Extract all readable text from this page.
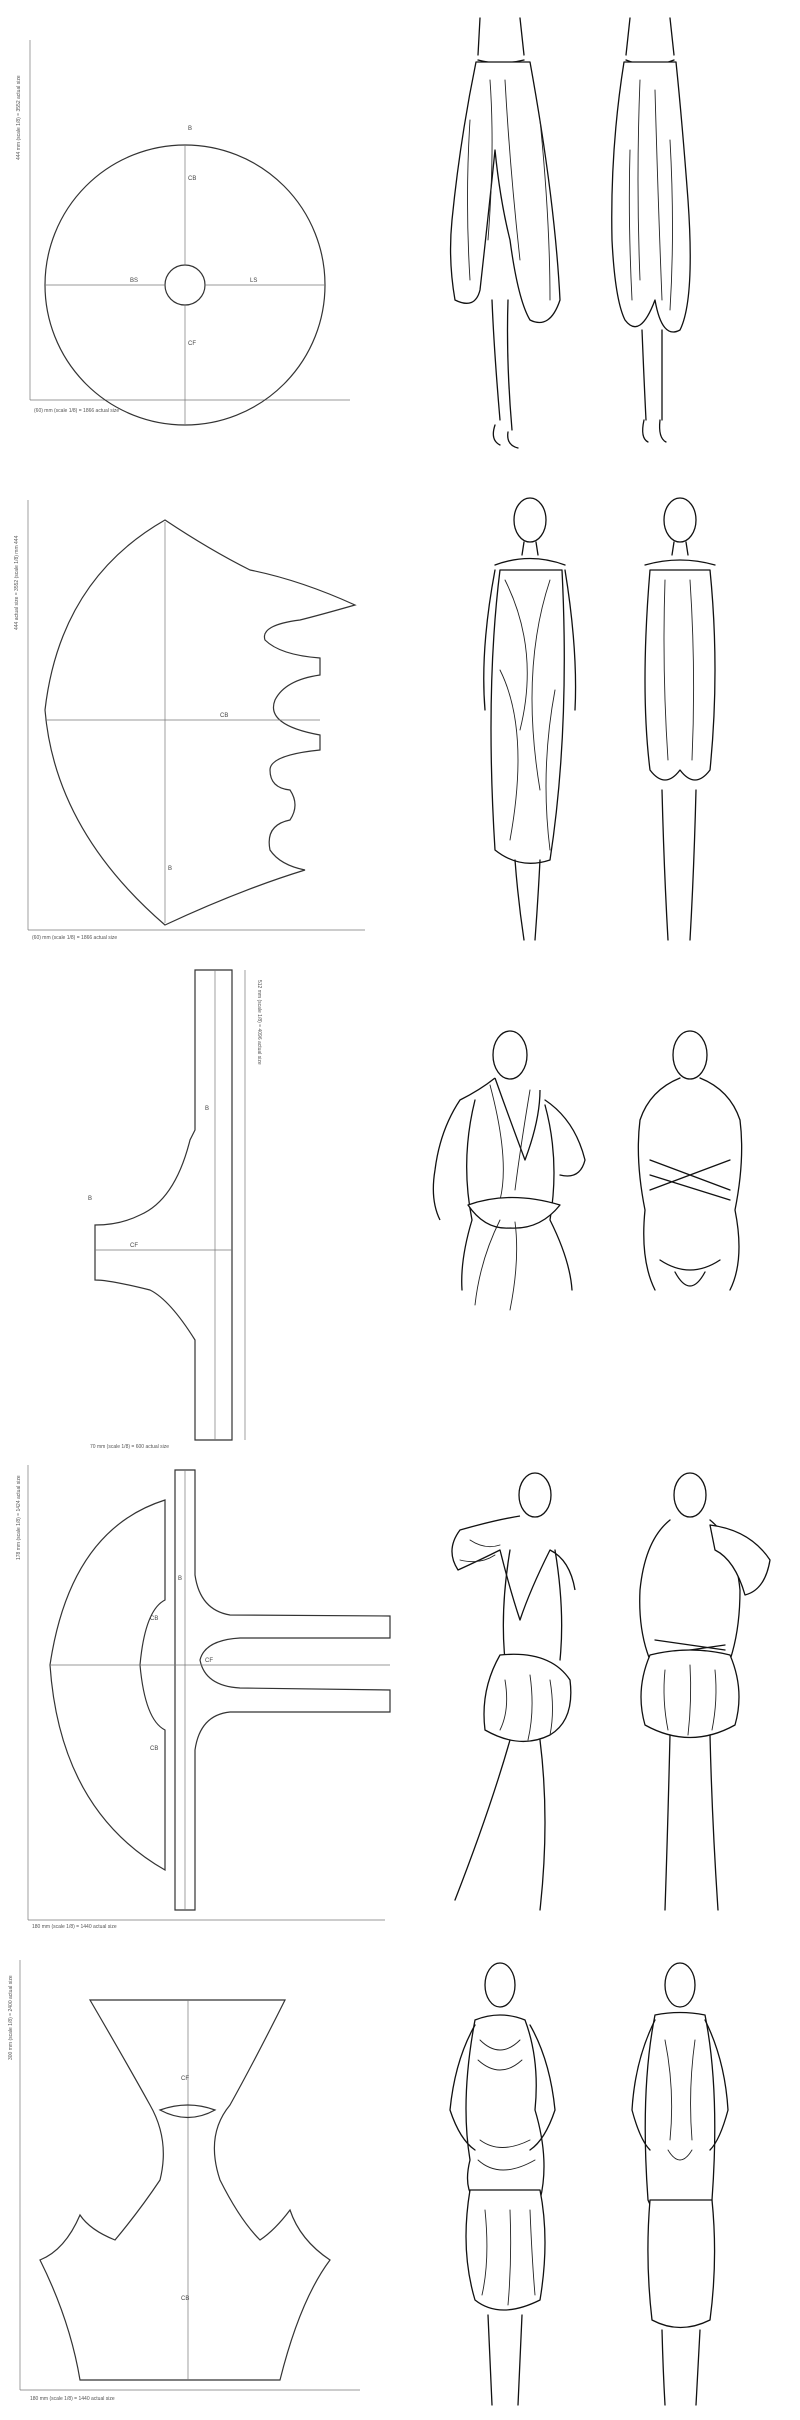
B
CB
BS	LS
CF
(60) mm (scale 1/8) = 1866 actual size
444 mm (scale 1/8) = 3552 actual size
CB
B
(60) mm (scale 1/8) = 1866 actual size
444 actual size = 3552 (scale 1/8) mm 444
B
CF
B
70 mm (scale 1/8) = 600 actual size
512 mm (scale 1/8) = 4096 actual size
CB
CF
CB
B
180 mm (scale 1/8) = 1440 actual size
178 mm (scale 1/8) = 1424 actual size
CF
CB
180 mm (scale 1/8) = 1440 actual size
300 mm (scale 1/8) = 2400 actual size
